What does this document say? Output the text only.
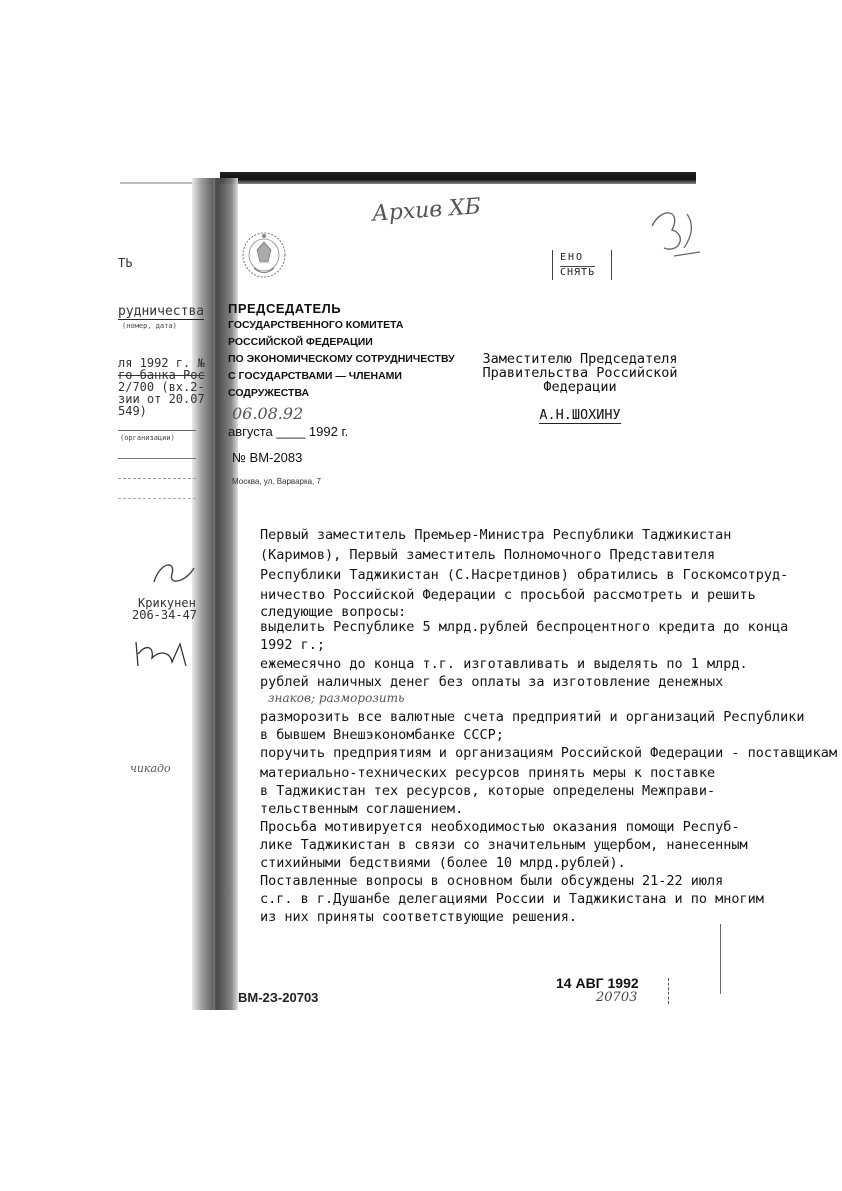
Архив ХБ
ЕНО
СНЯТЬ
ПРЕДСЕДАТЕЛЬ
ГОСУДАРСТВЕННОГО КОМИТЕТА
РОССИЙСКОЙ ФЕДЕРАЦИИ
ПО ЭКОНОМИЧЕСКОМУ СОТРУДНИЧЕСТВУ
С ГОСУДАРСТВАМИ — ЧЛЕНАМИ
СОДРУЖЕСТВА
06.08.92
августа ____ 1992 г.
№ ВМ-2083
Москва, ул. Варварка, 7
Заместителю Председателя
Правительства Российской Федерации
А.Н.ШОХИНУ
ТЬ
рудничества
(номер, дата)
ля 1992 г. №
го банка Рос
2/700 (вх.2-
зии от 20.07
549)
(организации)
Крикунен
206-34-47
чикадо
Первый заместитель Премьер-Министра Республики Таджикистан
(Каримов), Первый заместитель Полномочного Представителя
Республики Таджикистан (С.Насретдинов) обратились в Госкомсотруд-
ничество Российской Федерации с просьбой рассмотреть и решить
следующие вопросы:
выделить Республике 5 млрд.рублей беспроцентного кредита до конца
1992 г.;
ежемесячно до конца т.г. изготавливать и выделять по 1 млрд.
рублей наличных денег без оплаты за изготовление денежных
знаков; разморозить
разморозить все валютные счета предприятий и организаций Республики
в бывшем Внешэкономбанке СССР;
поручить предприятиям и организациям Российской Федерации - поставщикам
материально-технических ресурсов принять меры к поставке
в Таджикистан тех ресурсов, которые определены Межправи-
тельственным соглашением.
Просьба мотивируется необходимостью оказания помощи Респуб-
лике Таджикистан в связи со значительным ущербом, нанесенным
стихийными бедствиями (более 10 млрд.рублей).
Поставленные вопросы в основном были обсуждены 21-22 июля
с.г. в г.Душанбе делегациями России и Таджикистана и по многим
из них приняты соответствующие решения.
14 АВГ 1992
20703
ВМ-2З-20703
